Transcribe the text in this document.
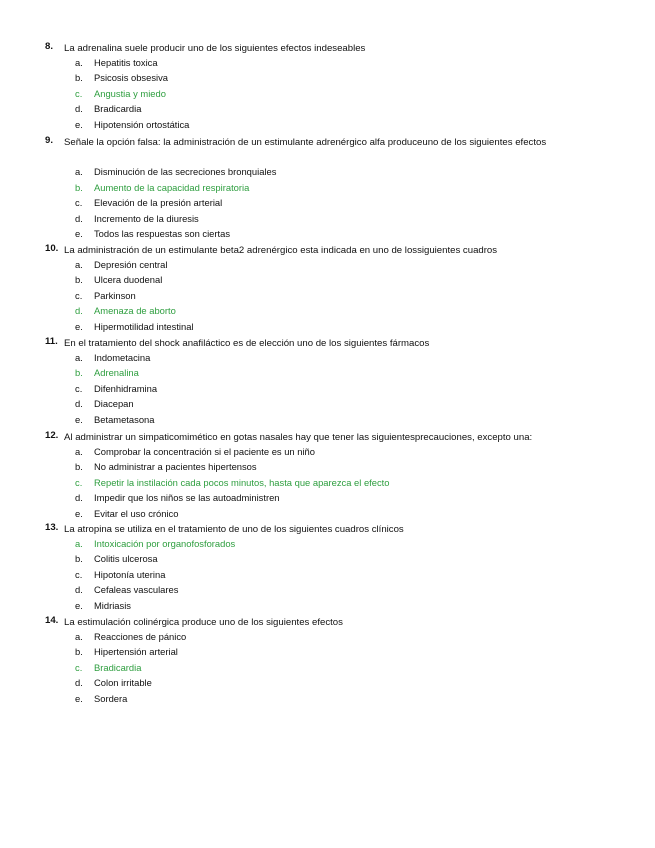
8. La adrenalina suele producir uno de los siguientes efectos indeseables
a. Hepatitis toxica
b. Psicosis obsesiva
c. Angustia y miedo
d. Bradicardia
e. Hipotensión ortostática
9. Señale la opción falsa: la administración de un estimulante adrenérgico alfa produceuno de los siguientes efectos
a. Disminución de las secreciones bronquiales
b. Aumento de la capacidad respiratoria
c. Elevación de la presión arterial
d. Incremento de la diuresis
e. Todos las respuestas son ciertas
10. La administración de un estimulante beta2 adrenérgico esta indicada en uno de lossiguientes cuadros
a. Depresión central
b. Ulcera duodenal
c. Parkinson
d. Amenaza de aborto
e. Hipermotilidad intestinal
11. En el tratamiento del shock anafiláctico es de elección uno de los siguientes fármacos
a. Indometacina
b. Adrenalina
c. Difenhidramina
d. Diacepan
e. Betametasona
12. Al administrar un simpaticomimético en gotas nasales hay que tener las siguientesprecauciones, excepto una:
a. Comprobar la concentración si el paciente es un niño
b. No administrar a pacientes hipertensos
c. Repetir la instilación cada pocos minutos, hasta que aparezca el efecto
d. Impedir que los niños se las autoadministren
e. Evitar el uso crónico
13. La atropina se utiliza en el tratamiento de uno de los siguientes cuadros clínicos
a. Intoxicación por organofosforados
b. Colitis ulcerosa
c. Hipotonía uterina
d. Cefaleas vasculares
e. Midriasis
14. La estimulación colinérgica produce uno de los siguientes efectos
a. Reacciones de pánico
b. Hipertensión arterial
c. Bradicardia
d. Colon irritable
e. Sordera
